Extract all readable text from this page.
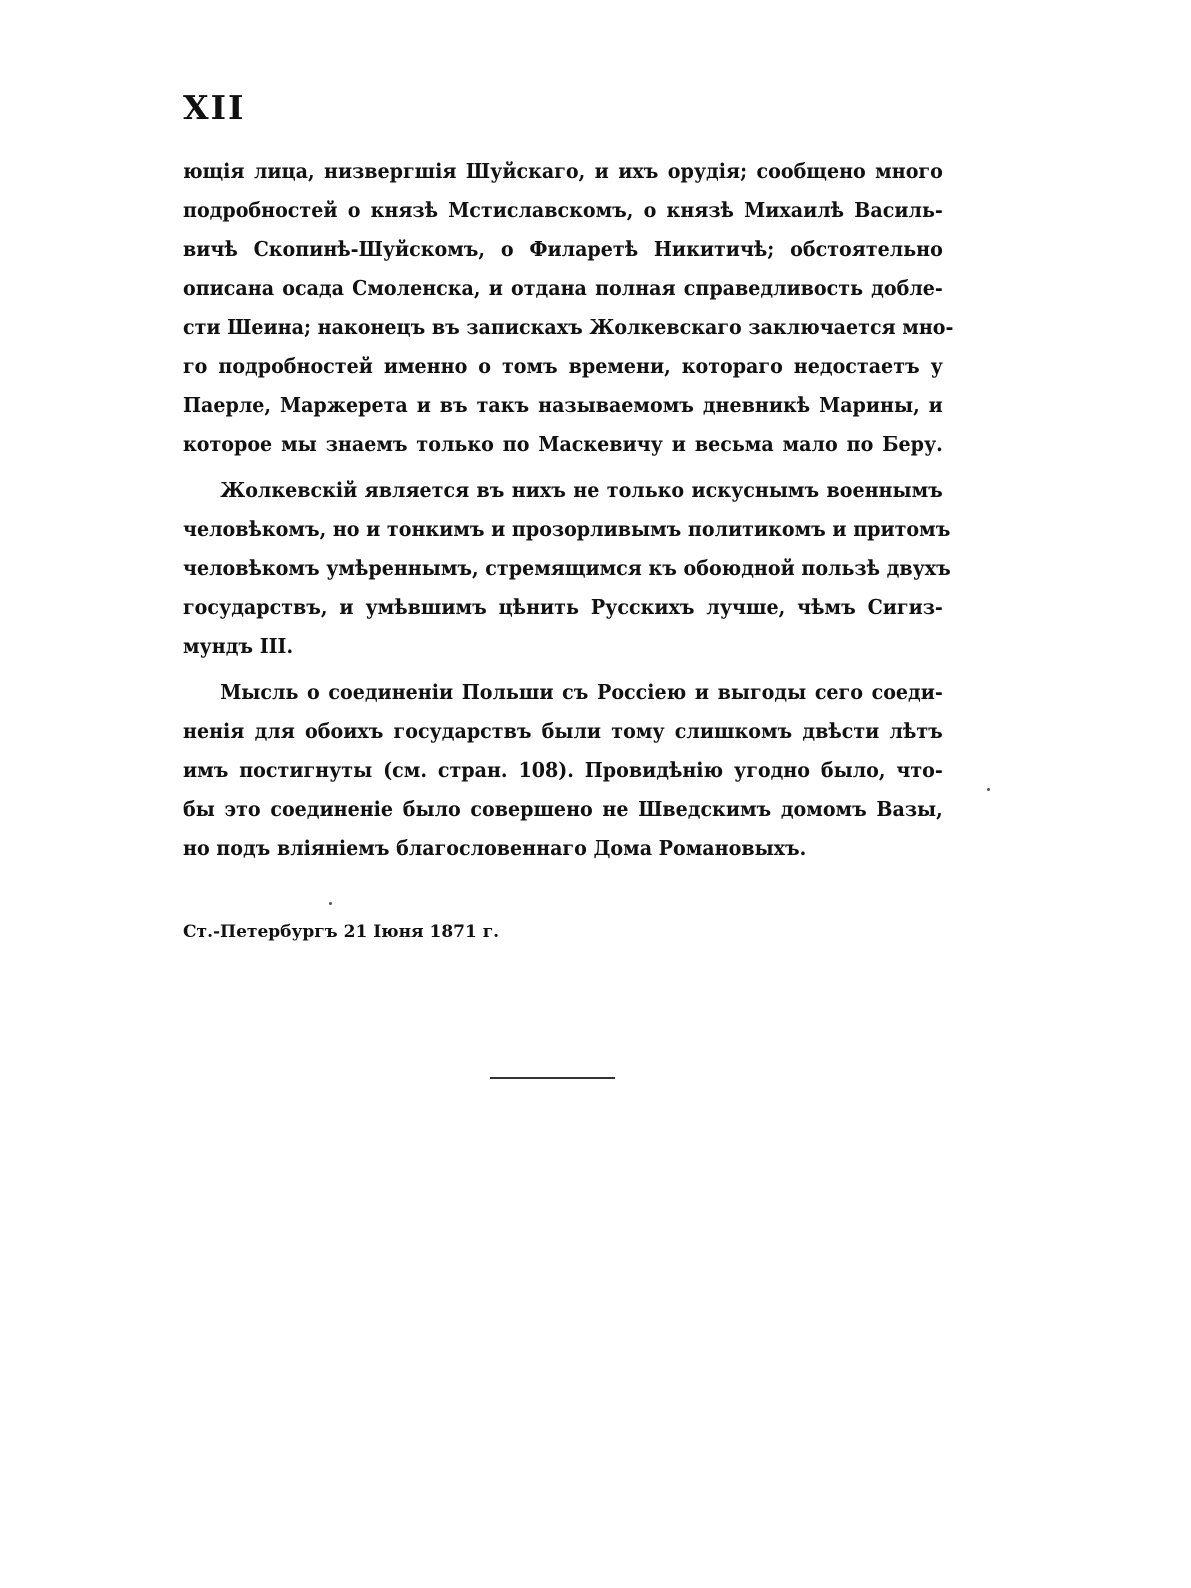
XII
ющія лица, низвергшія Шуйскаго, и ихъ орудія; сообщено много
подробностей о князѣ Мстиславскомъ, о князѣ Михаилѣ Василь-
вичѣ Скопинѣ-Шуйскомъ, о Филаретѣ Никитичѣ; обстоятельно
описана осада Смоленска, и отдана полная справедливость добле-
сти Шеина; наконецъ въ запискахъ Жолкевскаго заключается мно-
го подробностей именно о томъ времени, котораго недостаетъ у
Паерле, Маржерета и въ такъ называемомъ дневникѣ Марины, и
которое мы знаемъ только по Маскевичу и весьма мало по Беру.
Жолкевскій является въ нихъ не только искуснымъ военнымъ
человѣкомъ, но и тонкимъ и прозорливымъ политикомъ и притомъ
человѣкомъ умѣреннымъ, стремящимся къ обоюдной пользѣ двухъ
государствъ, и умѣвшимъ цѣнить Русскихъ лучше, чѣмъ Сигиз-
мундъ III.
Мысль о соединеніи Польши съ Россіею и выгоды сего соеди-
ненія для обоихъ государствъ были тому слишкомъ двѣсти лѣтъ
имъ постигнуты (см. стран. 108). Провидѣнію угодно было, что-
бы это соединеніе было совершено не Шведскимъ домомъ Вазы,
но подъ вліяніемъ благословеннаго Дома Романовыхъ.
Ст.-Петербургъ 21 Іюня 1871 г.
